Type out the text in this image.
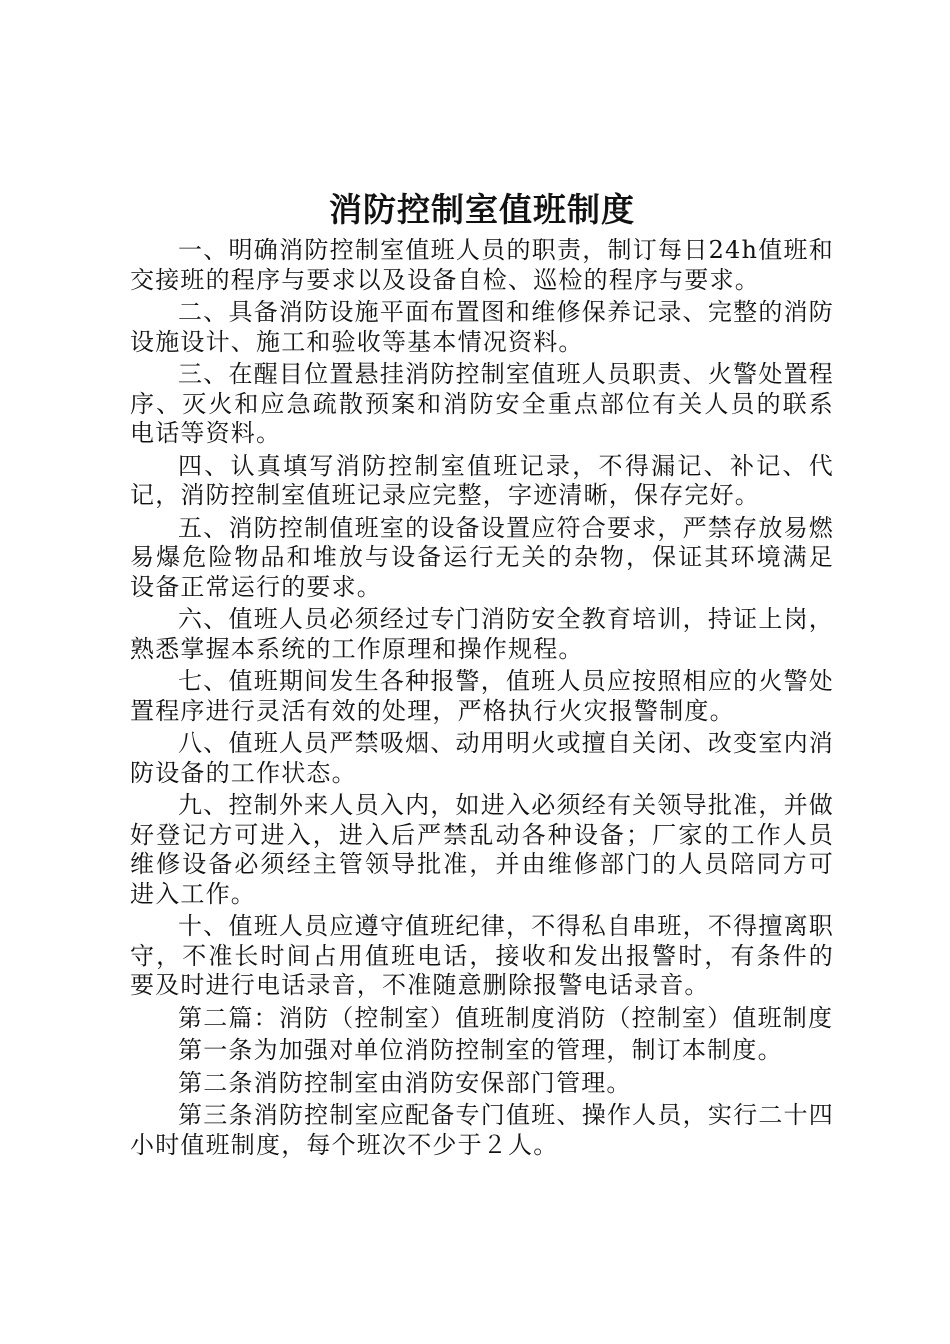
消防控制室值班制度

一、明确消防控制室值班人员的职责，制订每日24h值班和交接班的程序与要求以及设备自检、巡检的程序与要求。

二、具备消防设施平面布置图和维修保养记录、完整的消防设施设计、施工和验收等基本情况资料。

三、在醒目位置悬挂消防控制室值班人员职责、火警处置程序、灭火和应急疏散预案和消防安全重点部位有关人员的联系电话等资料。

四、认真填写消防控制室值班记录，不得漏记、补记、代记，消防控制室值班记录应完整，字迹清晰，保存完好。

五、消防控制值班室的设备设置应符合要求，严禁存放易燃易爆危险物品和堆放与设备运行无关的杂物，保证其环境满足设备正常运行的要求。

六、值班人员必须经过专门消防安全教育培训，持证上岗，熟悉掌握本系统的工作原理和操作规程。

七、值班期间发生各种报警，值班人员应按照相应的火警处置程序进行灵活有效的处理，严格执行火灾报警制度。

八、值班人员严禁吸烟、动用明火或擅自关闭、改变室内消防设备的工作状态。

九、控制外来人员入内，如进入必须经有关领导批准，并做好登记方可进入，进入后严禁乱动各种设备；厂家的工作人员维修设备必须经主管领导批准，并由维修部门的人员陪同方可进入工作。

十、值班人员应遵守值班纪律，不得私自串班，不得擅离职守，不准长时间占用值班电话，接收和发出报警时，有条件的要及时进行电话录音，不准随意删除报警电话录音。

第二篇：消防（控制室）值班制度消防（控制室）值班制度

第一条为加强对单位消防控制室的管理，制订本制度。

第二条消防控制室由消防安保部门管理。

第三条消防控制室应配备专门值班、操作人员，实行二十四小时值班制度，每个班次不少于２人。
